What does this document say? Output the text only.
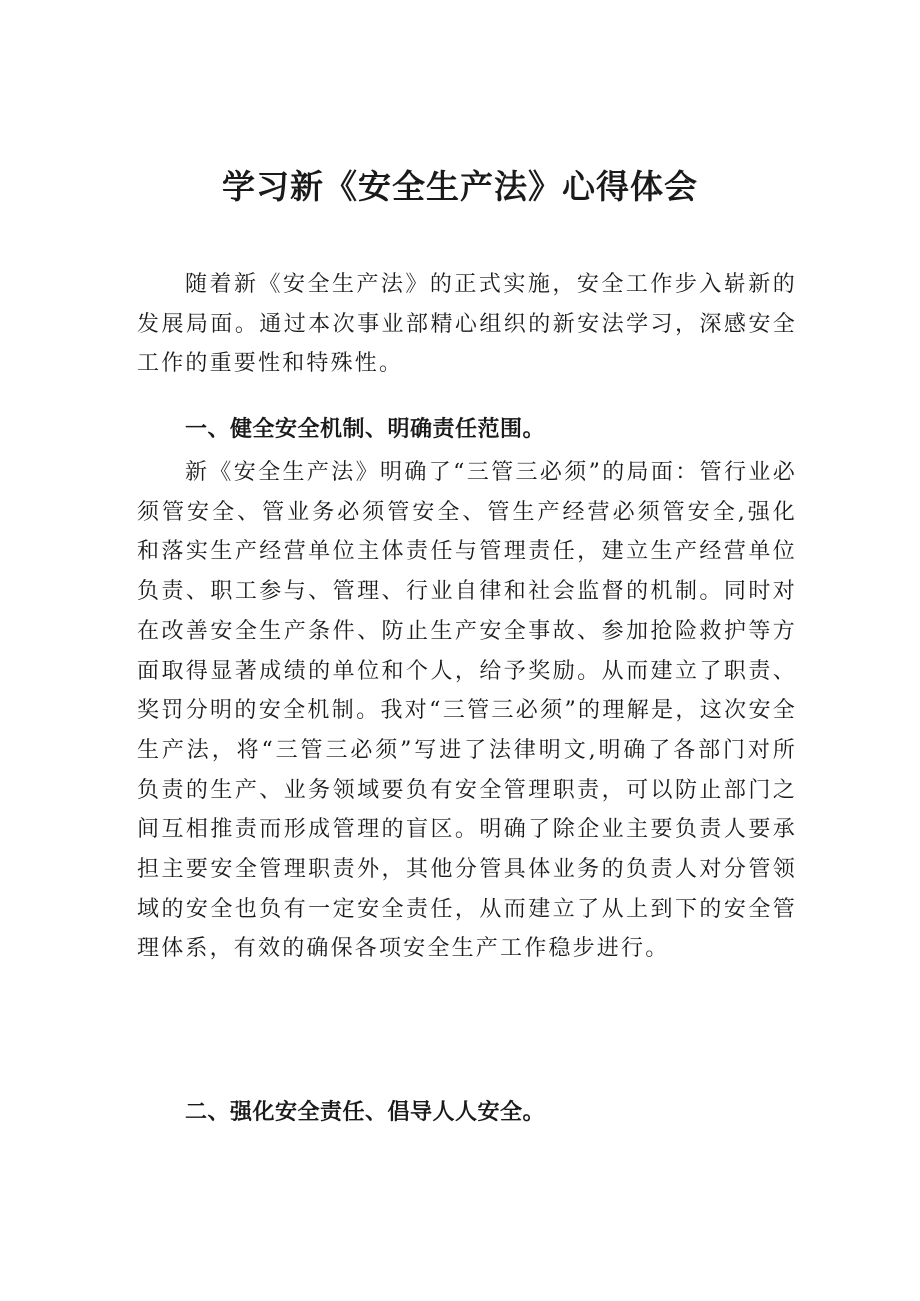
学习新《安全生产法》心得体会

随着新《安全生产法》的正式实施，安全工作步入崭新的发展局面。通过本次事业部精心组织的新安法学习，深感安全工作的重要性和特殊性。

一、健全安全机制、明确责任范围。

新《安全生产法》明确了“三管三必须”的局面：管行业必须管安全、管业务必须管安全、管生产经营必须管安全,强化和落实生产经营单位主体责任与管理责任，建立生产经营单位负责、职工参与、管理、行业自律和社会监督的机制。同时对在改善安全生产条件、防止生产安全事故、参加抢险救护等方面取得显著成绩的单位和个人，给予奖励。从而建立了职责、奖罚分明的安全机制。我对“三管三必须”的理解是，这次安全生产法，将“三管三必须”写进了法律明文,明确了各部门对所负责的生产、业务领域要负有安全管理职责，可以防止部门之间互相推责而形成管理的盲区。明确了除企业主要负责人要承担主要安全管理职责外，其他分管具体业务的负责人对分管领域的安全也负有一定安全责任，从而建立了从上到下的安全管理体系，有效的确保各项安全生产工作稳步进行。

二、强化安全责任、倡导人人安全。
